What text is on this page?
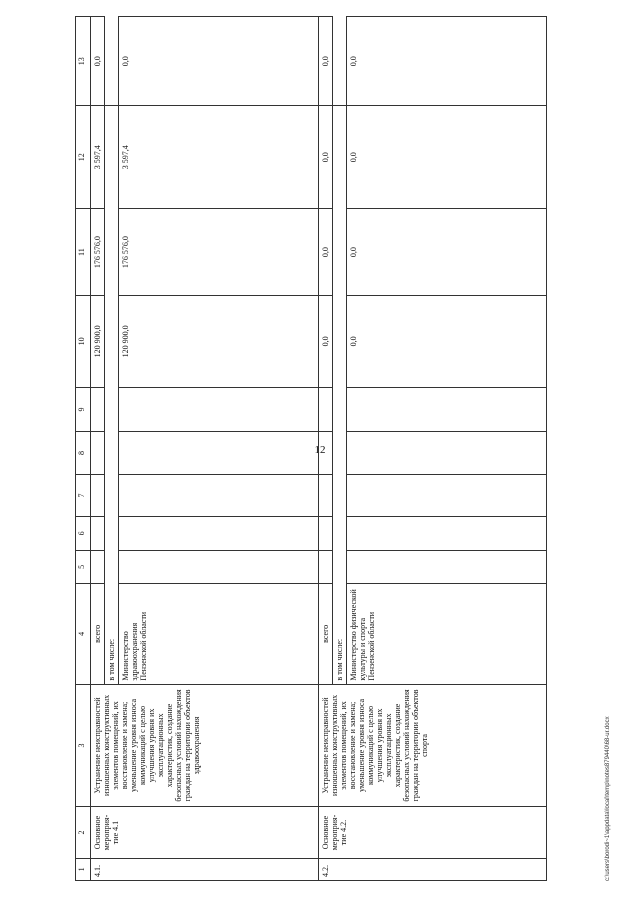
12
1	2	3	4	5	6	7	8	9	10	11	12	13
4.1.	Основное мероприя-тие 4.1	Устранение неисправностей изношенных конструктивных элементов помещений, их восстановление и замена; уменьшение уровня износа коммуникаций с целью улучшения уровня их эксплуатационных характеристик, создание безопасных условий нахождения граждан на территории объектов здравоохранения	всего						120 900,0	176 576,0	3 597,4	0,0
			в том числе:									
			Министерство здравоохранения Пензенской области						120 900,0	176 576,0	3 597,4	0,0
4.2.	Основное мероприя-тие 4.2.	Устранение неисправностей изношенных конструктивных элементов помещений, их восстановление и замена; уменьшение уровня износа коммуникаций с целью улучшения уровня их эксплуатационных характеристик, создание безопасных условий нахождения граждан на территории объектов спорта	всего						0,0	0,0	0,0	0,0
			в том числе:									
			Министерство физической культуры и спорта Пензенской области						0,0	0,0	0,0	0,0
c:\users\borodi~1\appdata\local\temp\notes879440\68-ur.docx
